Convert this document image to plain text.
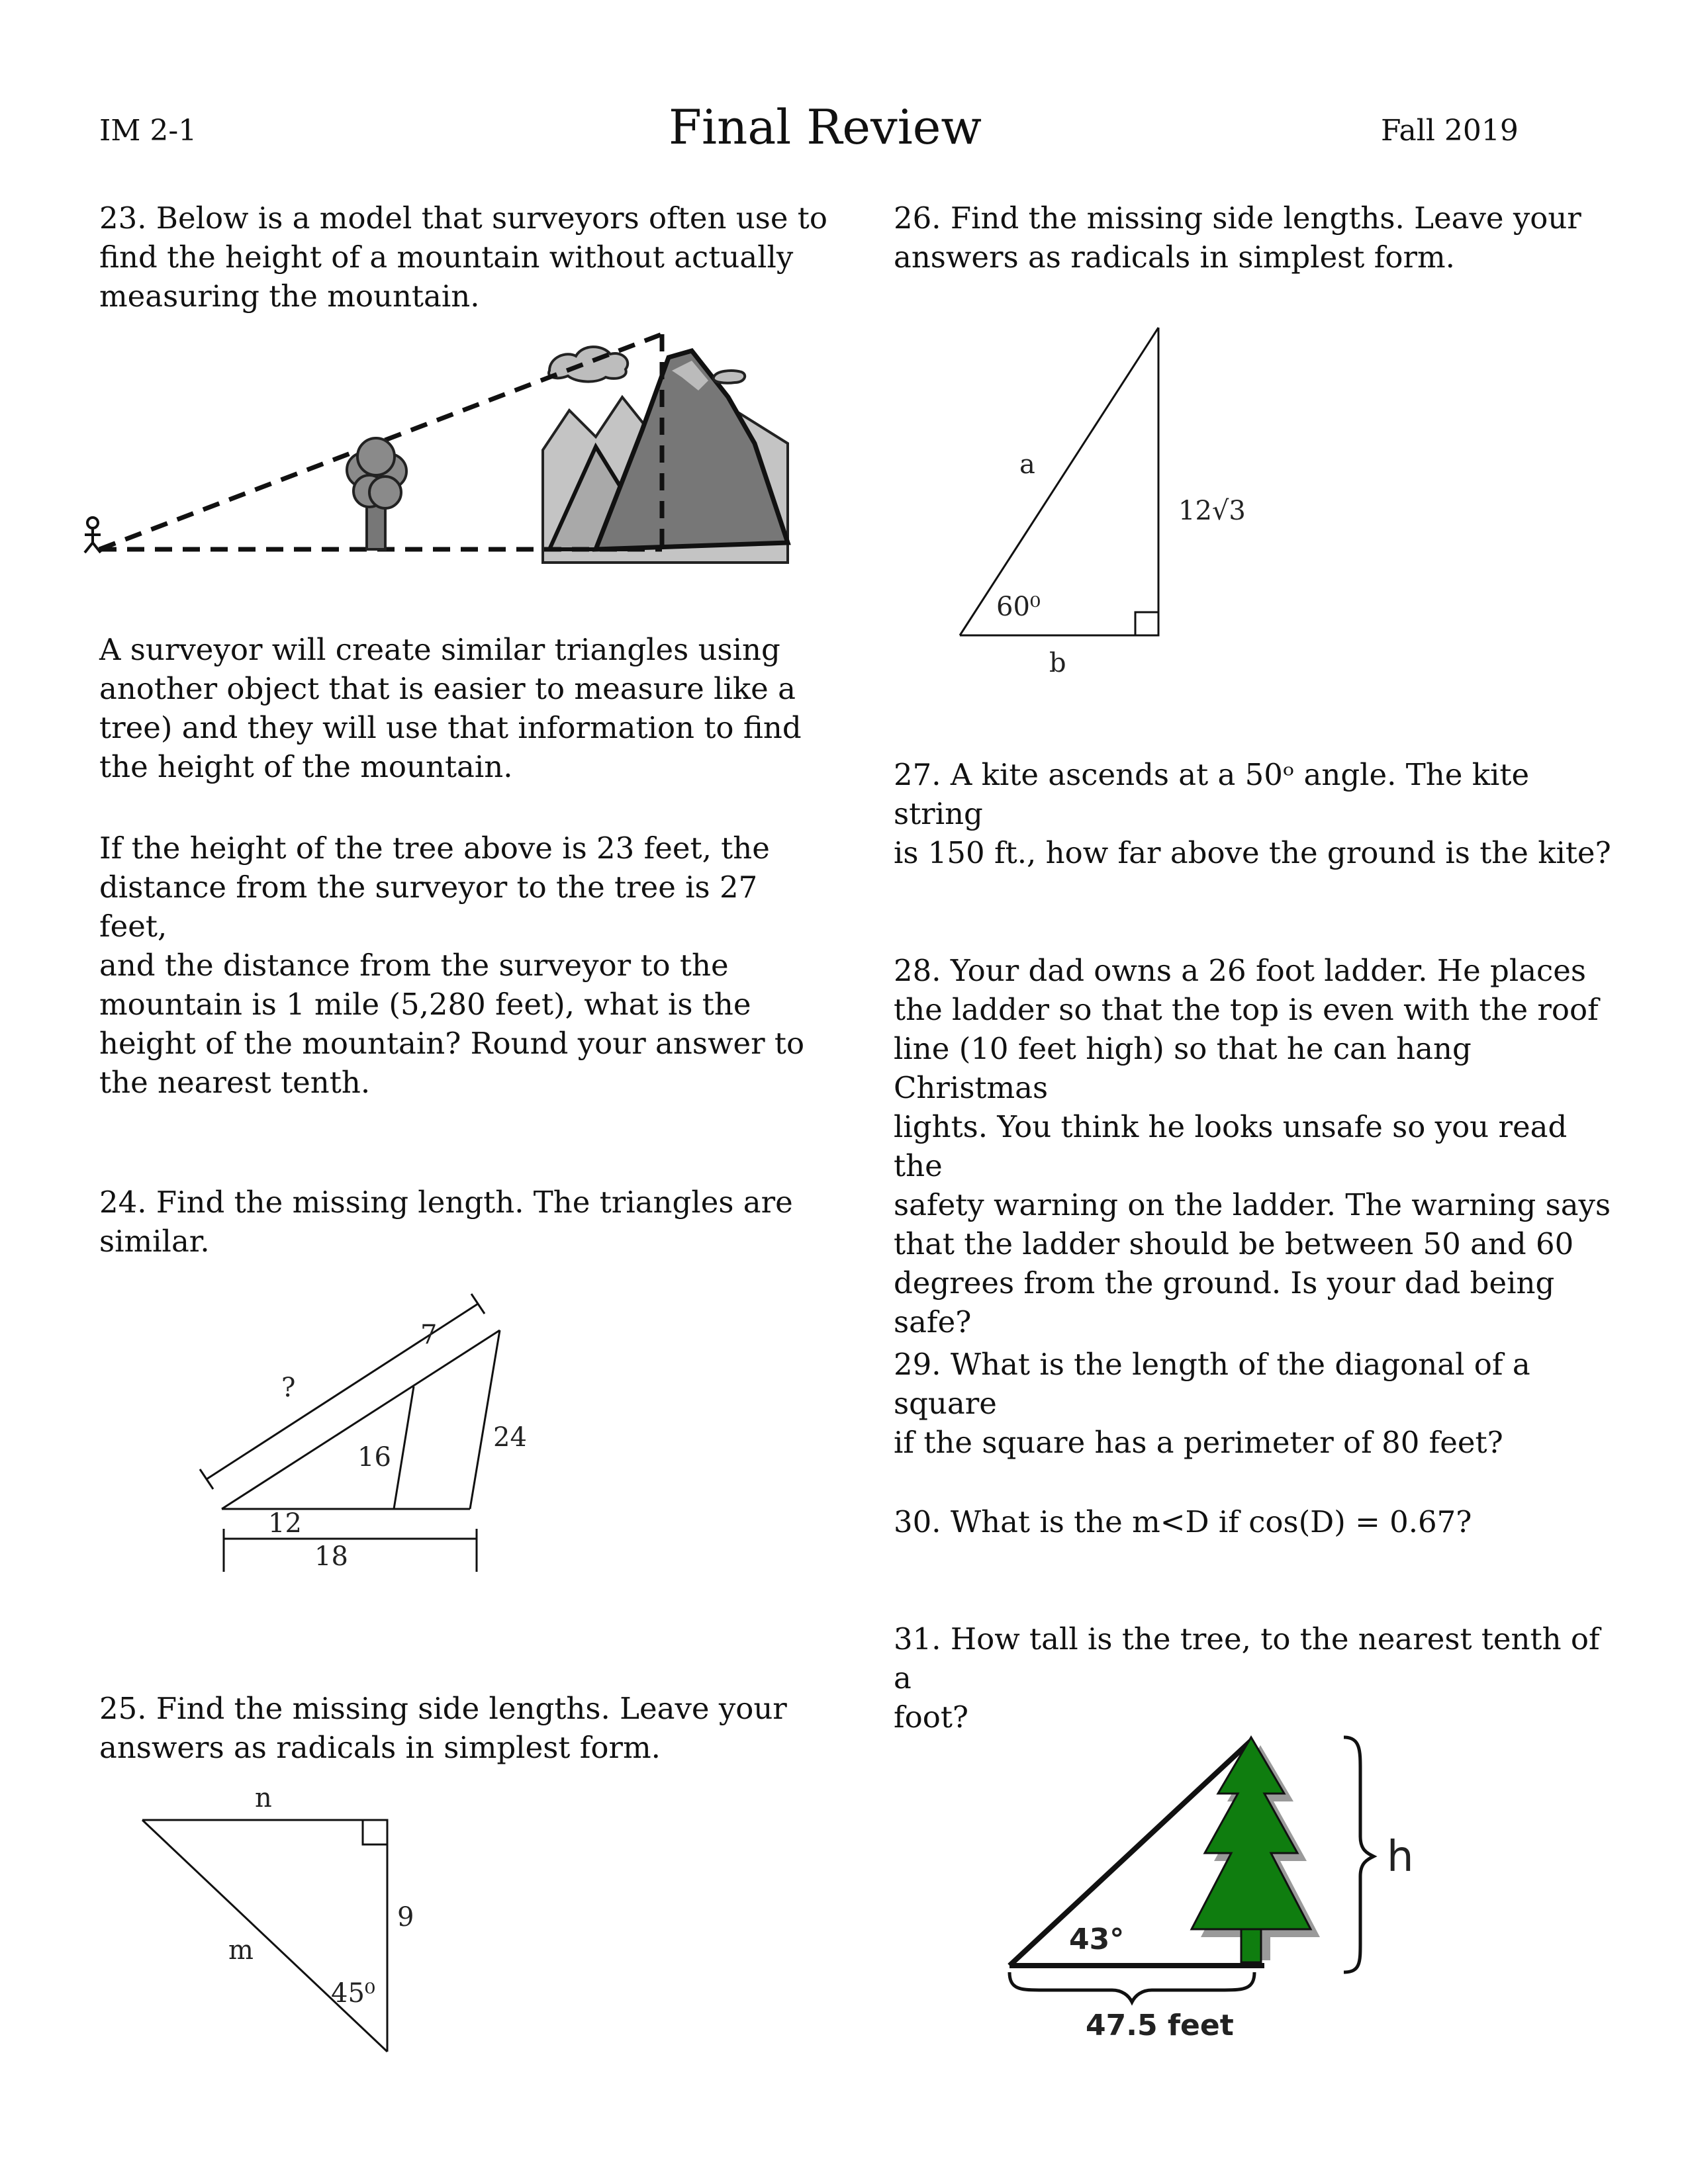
IM 2-1	Final Review	Fall 2019
23. Below is a model that surveyors often use to
find the height of a mountain without actually
measuring the mountain.
A surveyor will create similar triangles using
another object that is easier to measure like a
tree) and they will use that information to find
the height of the mountain.
If the height of the tree above is 23 feet, the
distance from the surveyor to the tree is 27 feet,
and the distance from the surveyor to the
mountain is 1 mile (5,280 feet), what is the
height of the mountain? Round your answer to
the nearest tenth.
24. Find the missing length. The triangles are
similar.
?
7
16
24
12
18
25. Find the missing side lengths. Leave your
answers as radicals in simplest form.
n
m
9
45⁰
26. Find the missing side lengths. Leave your
answers as radicals in simplest form.
a
12√3
60⁰
b
27. A kite ascends at a 50ᵒ angle. The kite string
is 150 ft., how far above the ground is the kite?
28. Your dad owns a 26 foot ladder. He places
the ladder so that the top is even with the roof
line (10 feet high) so that he can hang Christmas
lights. You think he looks unsafe so you read the
safety warning on the ladder. The warning says
that the ladder should be between 50 and 60
degrees from the ground. Is your dad being safe?
29. What is the length of the diagonal of a square
if the square has a perimeter of 80 feet?
30. What is the m<D if cos(D) = 0.67?
31. How tall is the tree, to the nearest tenth of a
foot?
h
43°
47.5 feet
